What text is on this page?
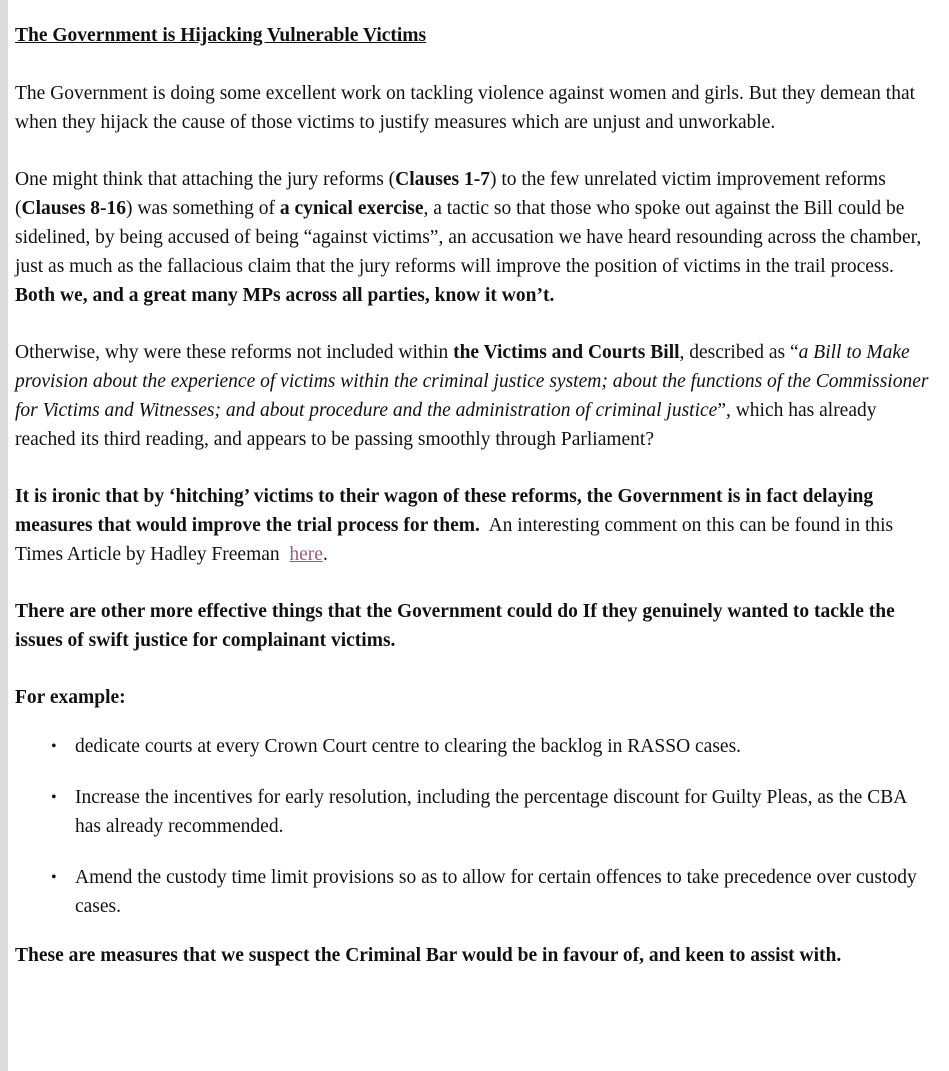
The Government is Hijacking Vulnerable Victims

The Government is doing some excellent work on tackling violence against women and girls. But they demean that when they hijack the cause of those victims to justify measures which are unjust and unworkable.

One might think that attaching the jury reforms (Clauses 1-7) to the few unrelated victim improvement reforms (Clauses 8-16) was something of a cynical exercise, a tactic so that those who spoke out against the Bill could be sidelined, by being accused of being “against victims”, an accusation we have heard resounding across the chamber, just as much as the fallacious claim that the jury reforms will improve the position of victims in the trail process. Both we, and a great many MPs across all parties, know it won’t.

Otherwise, why were these reforms not included within the Victims and Courts Bill, described as “a Bill to Make provision about the experience of victims within the criminal justice system; about the functions of the Commissioner for Victims and Witnesses; and about procedure and the administration of criminal justice”, which has already reached its third reading, and appears to be passing smoothly through Parliament?

It is ironic that by ‘hitching’ victims to their wagon of these reforms, the Government is in fact delaying measures that would improve the trial process for them.  An interesting comment on this can be found in this Times Article by Hadley Freeman  here.

There are other more effective things that the Government could do If they genuinely wanted to tackle the issues of swift justice for complainant victims.

For example:

• dedicate courts at every Crown Court centre to clearing the backlog in RASSO cases.
• Increase the incentives for early resolution, including the percentage discount for Guilty Pleas, as the CBA has already recommended.
• Amend the custody time limit provisions so as to allow for certain offences to take precedence over custody cases.

These are measures that we suspect the Criminal Bar would be in favour of, and keen to assist with.
